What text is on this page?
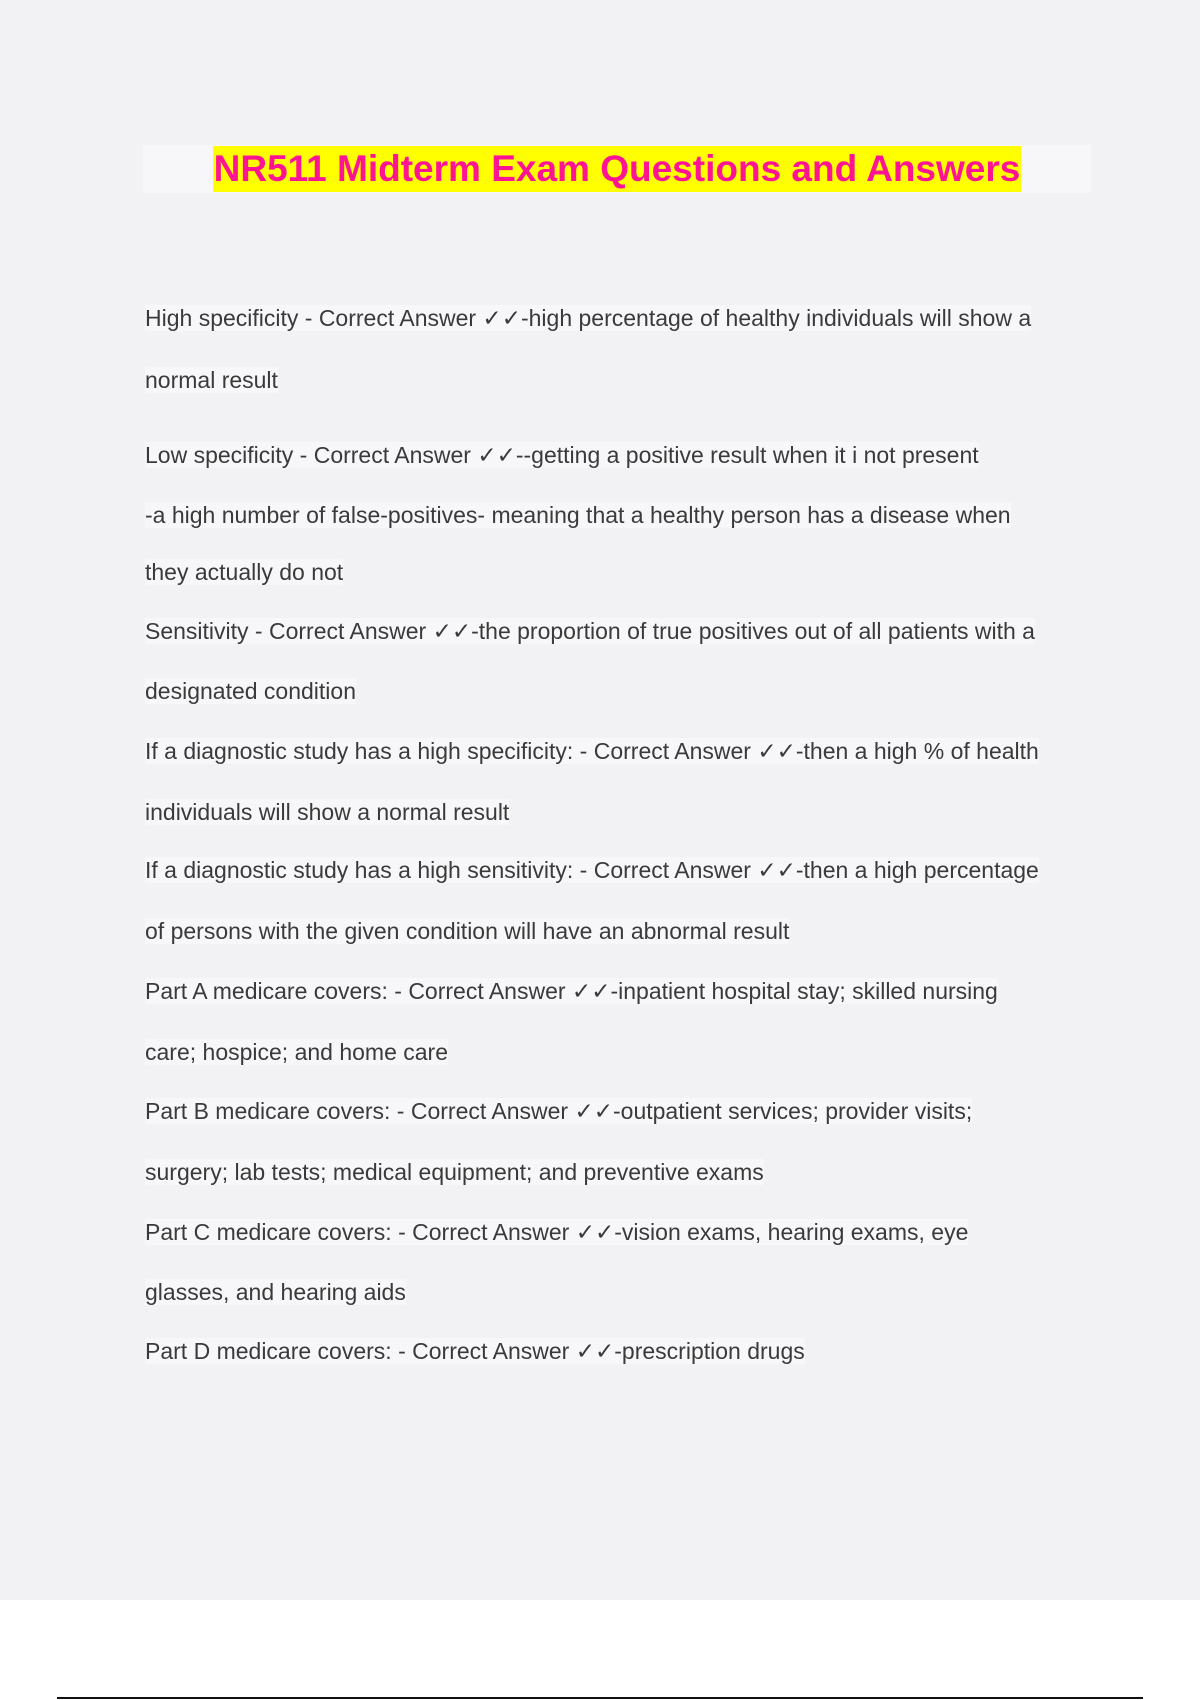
NR511 Midterm Exam Questions and Answers
High specificity - Correct Answer ✓✓-high percentage of healthy individuals will show a
normal result
Low specificity - Correct Answer ✓✓--getting a positive result when it i not present
-a high number of false-positives- meaning that a healthy person has a disease when
they actually do not
Sensitivity - Correct Answer ✓✓-the proportion of true positives out of all patients with a
designated condition
If a diagnostic study has a high specificity: - Correct Answer ✓✓-then a high % of health
individuals will show a normal result
If a diagnostic study has a high sensitivity: - Correct Answer ✓✓-then a high percentage
of persons with the given condition will have an abnormal result
Part A medicare covers: - Correct Answer ✓✓-inpatient hospital stay; skilled nursing
care; hospice; and home care
Part B medicare covers: - Correct Answer ✓✓-outpatient services; provider visits;
surgery; lab tests; medical equipment; and preventive exams
Part C medicare covers: - Correct Answer ✓✓-vision exams, hearing exams, eye
glasses, and hearing aids
Part D medicare covers: - Correct Answer ✓✓-prescription drugs
